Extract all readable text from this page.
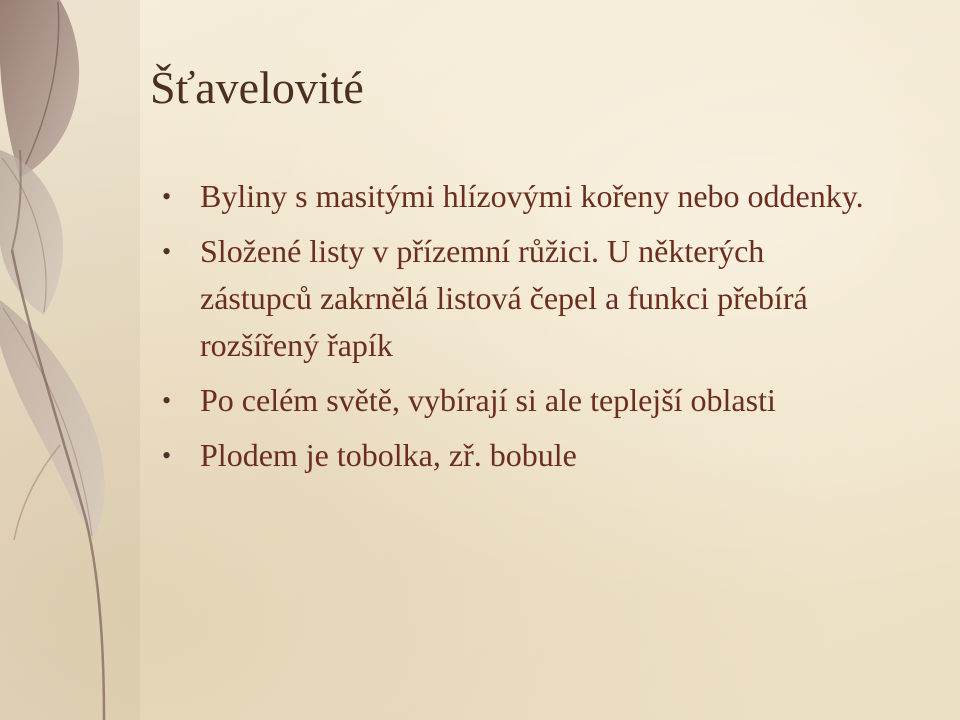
Šťavelovité
• Byliny s masitými hlízovými kořeny nebo oddenky.
• Složené listy v přízemní růžici. U některých zástupců zakrnělá listová čepel a funkci přebírá rozšířený řapík
• Po celém světě, vybírají si ale teplejší oblasti
• Plodem je tobolka, zř. bobule
